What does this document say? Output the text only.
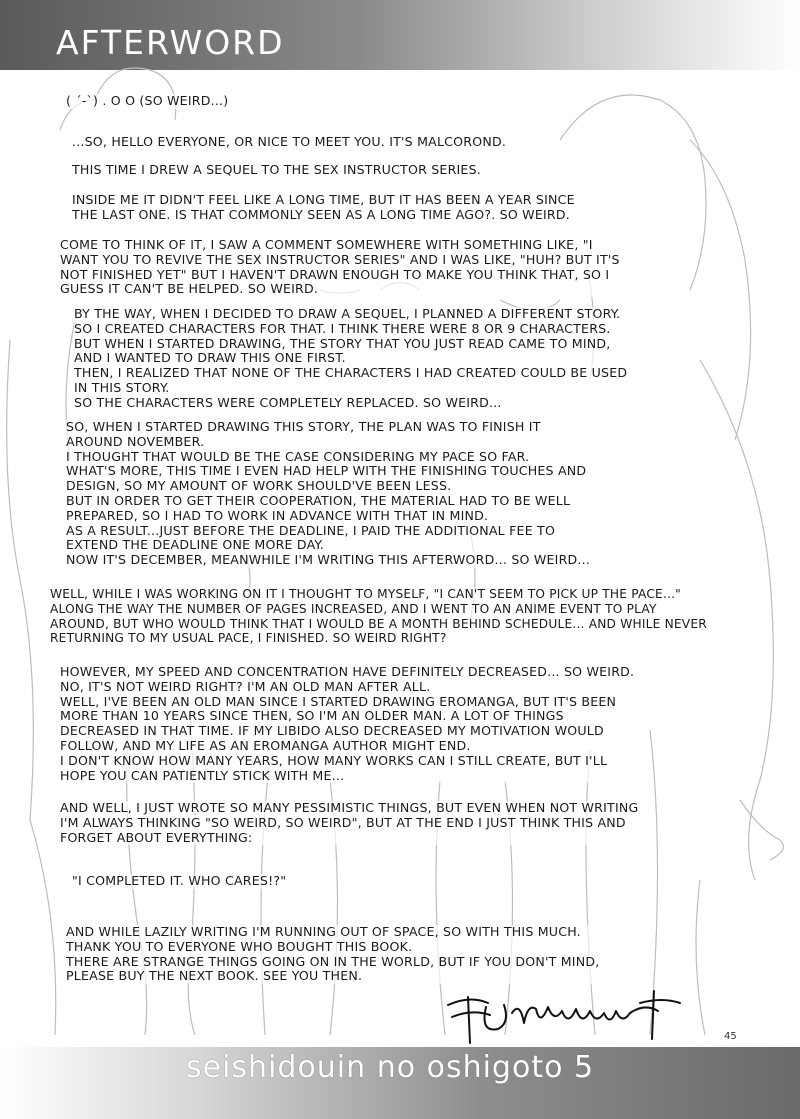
AFTERWORD
( ´-`) . O O (SO WEIRD...)
...SO, HELLO EVERYONE, OR NICE TO MEET YOU. IT'S MALCOROND.
THIS TIME I DREW A SEQUEL TO THE SEX INSTRUCTOR SERIES.
INSIDE ME IT DIDN'T FEEL LIKE A LONG TIME, BUT IT HAS BEEN A YEAR SINCE
THE LAST ONE. IS THAT COMMONLY SEEN AS A LONG TIME AGO?. SO WEIRD.
COME TO THINK OF IT, I SAW A COMMENT SOMEWHERE WITH SOMETHING LIKE, "I
WANT YOU TO REVIVE THE SEX INSTRUCTOR SERIES" AND I WAS LIKE, "HUH? BUT IT'S
NOT FINISHED YET" BUT I HAVEN'T DRAWN ENOUGH TO MAKE YOU THINK THAT, SO I
GUESS IT CAN'T BE HELPED. SO WEIRD.
BY THE WAY, WHEN I DECIDED TO DRAW A SEQUEL, I PLANNED A DIFFERENT STORY.
SO I CREATED CHARACTERS FOR THAT. I THINK THERE WERE 8 OR 9 CHARACTERS.
BUT WHEN I STARTED DRAWING, THE STORY THAT YOU JUST READ CAME TO MIND,
AND I WANTED TO DRAW THIS ONE FIRST.
THEN, I REALIZED THAT NONE OF THE CHARACTERS I HAD CREATED COULD BE USED
IN THIS STORY.
SO THE CHARACTERS WERE COMPLETELY REPLACED. SO WEIRD...
SO, WHEN I STARTED DRAWING THIS STORY, THE PLAN WAS TO FINISH IT
AROUND NOVEMBER.
I THOUGHT THAT WOULD BE THE CASE CONSIDERING MY PACE SO FAR.
WHAT'S MORE, THIS TIME I EVEN HAD HELP WITH THE FINISHING TOUCHES AND
DESIGN, SO MY AMOUNT OF WORK SHOULD'VE BEEN LESS.
BUT IN ORDER TO GET THEIR COOPERATION, THE MATERIAL HAD TO BE WELL
PREPARED, SO I HAD TO WORK IN ADVANCE WITH THAT IN MIND.
AS A RESULT...JUST BEFORE THE DEADLINE, I PAID THE ADDITIONAL FEE TO
EXTEND THE DEADLINE ONE MORE DAY.
NOW IT'S DECEMBER, MEANWHILE I'M WRITING THIS AFTERWORD... SO WEIRD...
WELL, WHILE I WAS WORKING ON IT I THOUGHT TO MYSELF, "I CAN'T SEEM TO PICK UP THE PACE..."
ALONG THE WAY THE NUMBER OF PAGES INCREASED, AND I WENT TO AN ANIME EVENT TO PLAY
AROUND, BUT WHO WOULD THINK THAT I WOULD BE A MONTH BEHIND SCHEDULE... AND WHILE NEVER
RETURNING TO MY USUAL PACE, I FINISHED. SO WEIRD RIGHT?
HOWEVER, MY SPEED AND CONCENTRATION HAVE DEFINITELY DECREASED... SO WEIRD.
NO, IT'S NOT WEIRD RIGHT? I'M AN OLD MAN AFTER ALL.
WELL, I'VE BEEN AN OLD MAN SINCE I STARTED DRAWING EROMANGA, BUT IT'S BEEN
MORE THAN 10 YEARS SINCE THEN, SO I'M AN OLDER MAN. A LOT OF THINGS
DECREASED IN THAT TIME. IF MY LIBIDO ALSO DECREASED MY MOTIVATION WOULD
FOLLOW, AND MY LIFE AS AN EROMANGA AUTHOR MIGHT END.
I DON'T KNOW HOW MANY YEARS, HOW MANY WORKS CAN I STILL CREATE, BUT I'LL
HOPE YOU CAN PATIENTLY STICK WITH ME...
AND WELL, I JUST WROTE SO MANY PESSIMISTIC THINGS, BUT EVEN WHEN NOT WRITING
I'M ALWAYS THINKING "SO WEIRD, SO WEIRD", BUT AT THE END I JUST THINK THIS AND
FORGET ABOUT EVERYTHING:
"I COMPLETED IT. WHO CARES!?"
AND WHILE LAZILY WRITING I'M RUNNING OUT OF SPACE, SO WITH THIS MUCH.
THANK YOU TO EVERYONE WHO BOUGHT THIS BOOK.
THERE ARE STRANGE THINGS GOING ON IN THE WORLD, BUT IF YOU DON'T MIND,
PLEASE BUY THE NEXT BOOK. SEE YOU THEN.
45
seishidouin no oshigoto 5
